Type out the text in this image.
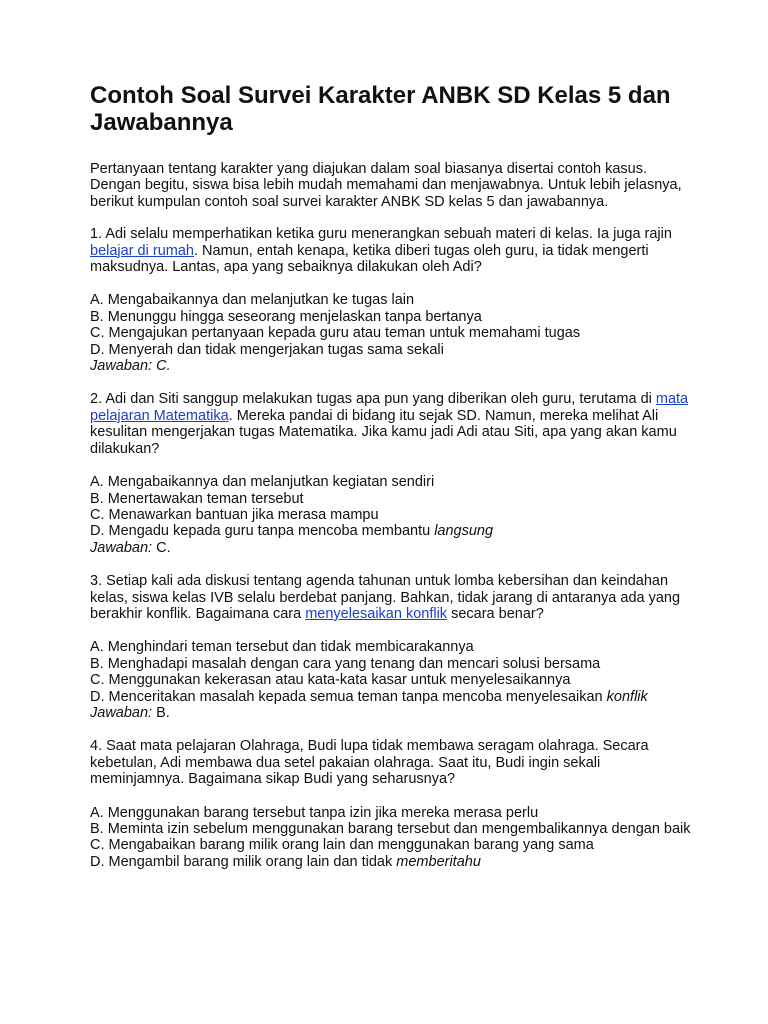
Contoh Soal Survei Karakter ANBK SD Kelas 5 dan Jawabannya

Pertanyaan tentang karakter yang diajukan dalam soal biasanya disertai contoh kasus. Dengan begitu, siswa bisa lebih mudah memahami dan menjawabnya. Untuk lebih jelasnya, berikut kumpulan contoh soal survei karakter ANBK SD kelas 5 dan jawabannya.

1. Adi selalu memperhatikan ketika guru menerangkan sebuah materi di kelas. Ia juga rajin belajar di rumah. Namun, entah kenapa, ketika diberi tugas oleh guru, ia tidak mengerti maksudnya. Lantas, apa yang sebaiknya dilakukan oleh Adi?

A. Mengabaikannya dan melanjutkan ke tugas lain
B. Menunggu hingga seseorang menjelaskan tanpa bertanya
C. Mengajukan pertanyaan kepada guru atau teman untuk memahami tugas
D. Menyerah dan tidak mengerjakan tugas sama sekali
Jawaban: C.

2. Adi dan Siti sanggup melakukan tugas apa pun yang diberikan oleh guru, terutama di mata pelajaran Matematika. Mereka pandai di bidang itu sejak SD. Namun, mereka melihat Ali kesulitan mengerjakan tugas Matematika. Jika kamu jadi Adi atau Siti, apa yang akan kamu dilakukan?

A. Mengabaikannya dan melanjutkan kegiatan sendiri
B. Menertawakan teman tersebut
C. Menawarkan bantuan jika merasa mampu
D. Mengadu kepada guru tanpa mencoba membantu langsung
Jawaban: C.

3. Setiap kali ada diskusi tentang agenda tahunan untuk lomba kebersihan dan keindahan kelas, siswa kelas IVB selalu berdebat panjang. Bahkan, tidak jarang di antaranya ada yang berakhir konflik. Bagaimana cara menyelesaikan konflik secara benar?

A. Menghindari teman tersebut dan tidak membicarakannya
B. Menghadapi masalah dengan cara yang tenang dan mencari solusi bersama
C. Menggunakan kekerasan atau kata-kata kasar untuk menyelesaikannya
D. Menceritakan masalah kepada semua teman tanpa mencoba menyelesaikan konflik
Jawaban: B.

4. Saat mata pelajaran Olahraga, Budi lupa tidak membawa seragam olahraga. Secara kebetulan, Adi membawa dua setel pakaian olahraga. Saat itu, Budi ingin sekali meminjamnya. Bagaimana sikap Budi yang seharusnya?

A. Menggunakan barang tersebut tanpa izin jika mereka merasa perlu
B. Meminta izin sebelum menggunakan barang tersebut dan mengembalikannya dengan baik
C. Mengabaikan barang milik orang lain dan menggunakan barang yang sama
D. Mengambil barang milik orang lain dan tidak memberitahu
